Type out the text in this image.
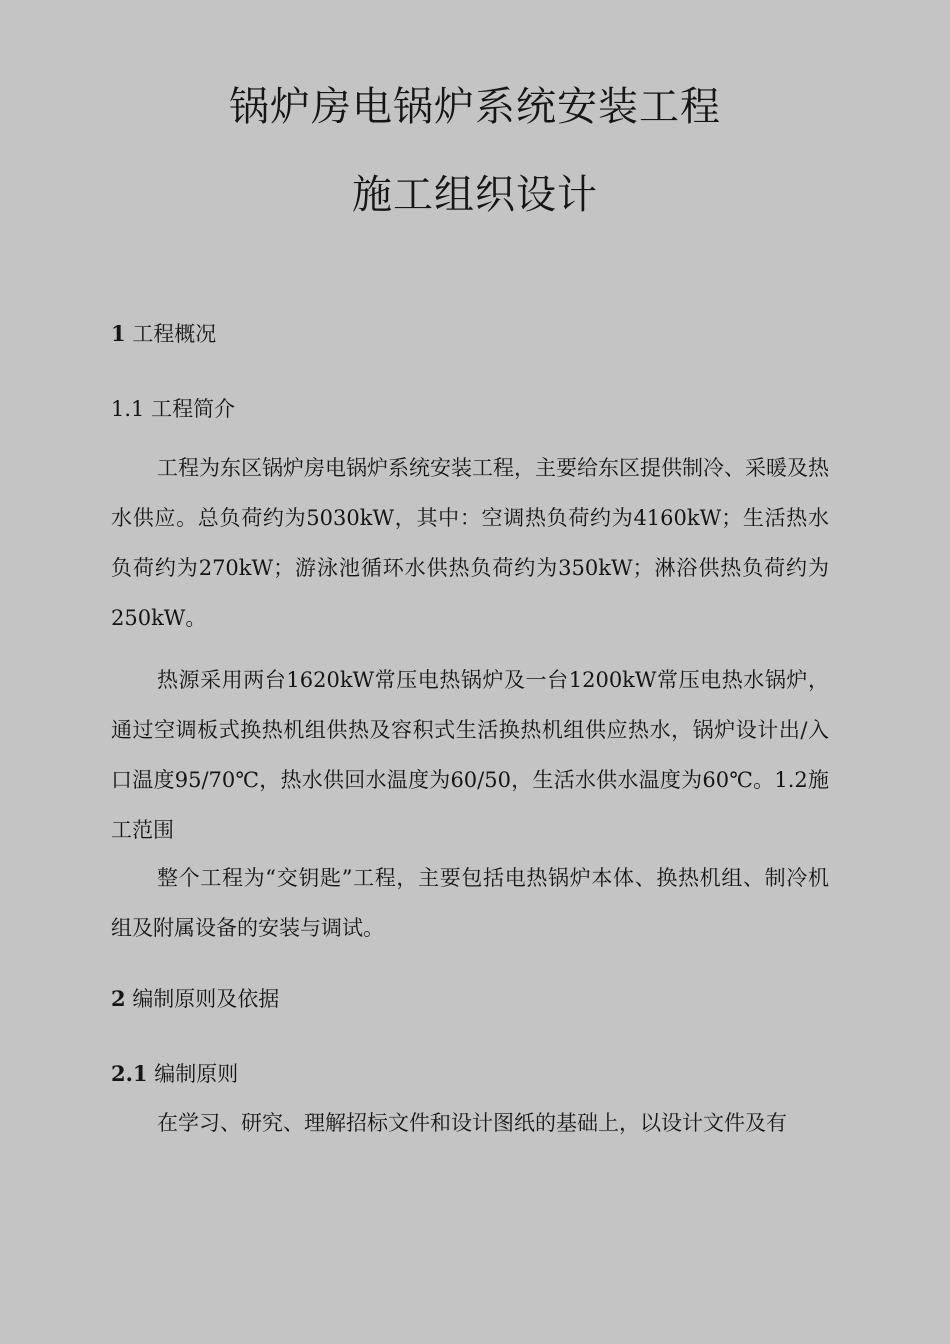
锅炉房电锅炉系统安装工程
施工组织设计
1 工程概况
1.1 工程简介

工程为东区锅炉房电锅炉系统安装工程，主要给东区提供制冷、采暖及热水供应。总负荷约为5030kW，其中：空调热负荷约为4160kW；生活热水负荷约为270kW；游泳池循环水供热负荷约为350kW；淋浴供热负荷约为250kW。

热源采用两台1620kW常压电热锅炉及一台1200kW常压电热水锅炉，通过空调板式换热机组供热及容积式生活换热机组供应热水，锅炉设计出/入口温度95/70℃，热水供回水温度为60/50，生活水供水温度为60℃。1.2施工范围

整个工程为“交钥匙”工程，主要包括电热锅炉本体、换热机组、制冷机组及附属设备的安装与调试。

2 编制原则及依据
2.1 编制原则

在学习、研究、理解招标文件和设计图纸的基础上，以设计文件及有
